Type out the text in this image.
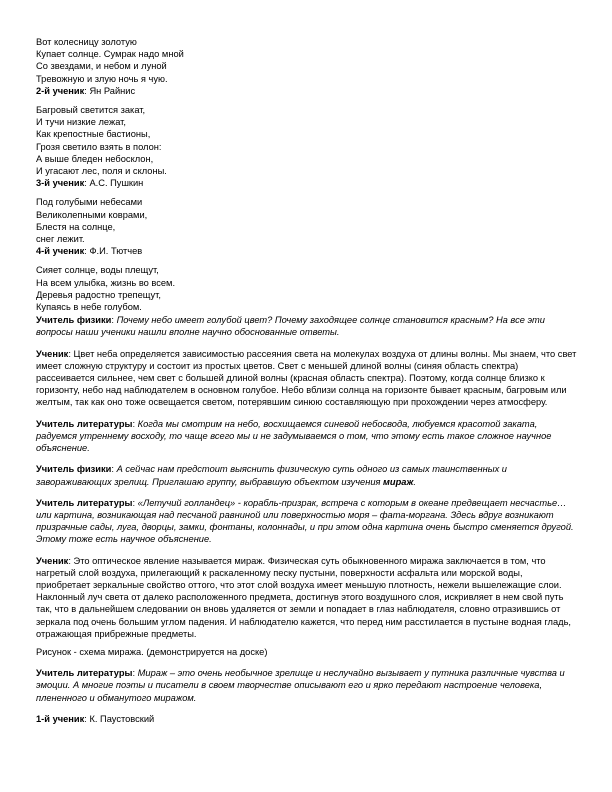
Вот колесницу золотую
Купает солнце. Сумрак надо мной
Со звездами, и небом и луной
Тревожную и злую ночь я чую.
2-й ученик: Ян Райнис
Багровый светится закат,
И тучи низкие лежат,
Как крепостные бастионы,
Грозя светило взять в полон:
А выше бледен небосклон,
И угасают лес, поля и склоны.
3-й ученик: А.С. Пушкин
Под голубыми небесами
Великолепными коврами,
Блестя на солнце,
снег лежит.
4-й ученик: Ф.И. Тютчев
Сияет солнце, воды плещут,
На всем улыбка, жизнь во всем.
Деревья радостно трепещут,
Купаясь в небе голубом.

Учитель физики: Почему небо имеет голубой цвет? Почему заходящее солнце становится красным? На все эти вопросы наши ученики нашли вполне научно обоснованные ответы.

Ученик: Цвет неба определяется зависимостью рассеяния света на молекулах воздуха от длины волны. Мы знаем, что свет имеет сложную структуру и состоит из простых цветов. Свет с меньшей длиной волны (синяя область спектра) рассеивается сильнее, чем свет с большей длиной волны (красная область спектра). Поэтому, когда солнце близко к горизонту, небо над наблюдателем в основном голубое. Небо вблизи солнца на горизонте бывает красным, багровым или желтым, так как оно тоже освещается светом, потерявшим синюю составляющую при прохождении через атмосферу.

Учитель литературы: Когда мы смотрим на небо, восхищаемся синевой небосвода, любуемся красотой заката, радуемся утреннему восходу, то чаще всего мы и не задумываемся о том, что этому есть такое сложное научное объяснение.

Учитель физики: А сейчас нам предстоит выяснить физическую суть одного из самых таинственных и завораживающих зрелищ. Приглашаю группу, выбравшую объектом изучения мираж.

Учитель литературы: «Летучий голландец» - корабль-призрак, встреча с которым в океане предвещает несчастье… или картина, возникающая над песчаной равниной или поверхностью моря – фата-моргана. Здесь вдруг возникают призрачные сады, луга, дворцы, замки, фонтаны, колоннады, и при этом одна картина очень быстро сменяется другой. Этому тоже есть научное объяснение.

Ученик: Это оптическое явление называется мираж. Физическая суть обыкновенного миража заключается в том, что нагретый слой воздуха, прилегающий к раскаленному песку пустыни, поверхности асфальта или морской воды, приобретает зеркальные свойство оттого, что этот слой воздуха имеет меньшую плотность, нежели вышележащие слои. Наклонный луч света от далеко расположенного предмета, достигнув этого воздушного слоя, искривляет в нем свой путь так, что в дальнейшем следовании он вновь удаляется от земли и попадает в глаз наблюдателя, словно отразившись от зеркала под очень большим углом падения. И наблюдателю кажется, что перед ним расстилается в пустыне водная гладь, отражающая прибрежные предметы.

Рисунок - схема миража. (демонстрируется на доске)

Учитель литературы: Мираж – это очень необычное зрелище и неслучайно вызывает у путника различные чувства и эмоции. А многие поэты и писатели в своем творчестве описывают его и ярко передают настроение человека, плененного и обманутого миражом.

1-й ученик: К. Паустовский
